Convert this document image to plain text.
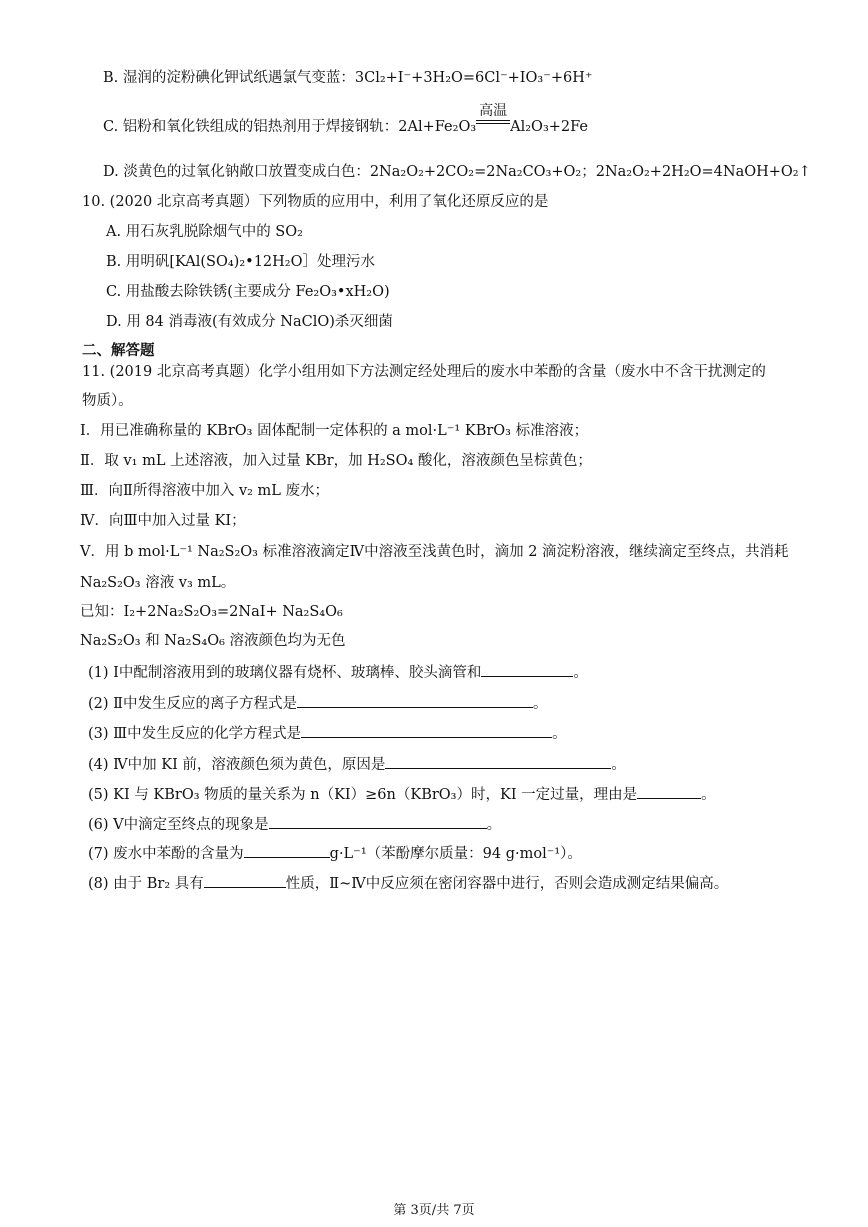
B. 湿润的淀粉碘化钾试纸遇氯气变蓝：3Cl₂+I⁻+3H₂O=6Cl⁻+IO₃⁻+6H⁺
C. 铝粉和氧化铁组成的铝热剂用于焊接钢轨：2Al+Fe₂O₃
高温
Al₂O₃+2Fe
D. 淡黄色的过氧化钠敞口放置变成白色：2Na₂O₂+2CO₂=2Na₂CO₃+O₂；2Na₂O₂+2H₂O=4NaOH+O₂↑
10. (2020 北京高考真题）下列物质的应用中，利用了氧化还原反应的是
A. 用石灰乳脱除烟气中的 SO₂
B. 用明矾[KAl(SO₄)₂•12H₂O］处理污水
C. 用盐酸去除铁锈(主要成分 Fe₂O₃•xH₂O)
D. 用 84 消毒液(有效成分 NaClO)杀灭细菌
二、解答题
11. (2019 北京高考真题）化学小组用如下方法测定经处理后的废水中苯酚的含量（废水中不含干扰测定的
物质）。
Ⅰ．用已准确称量的 KBrO₃ 固体配制一定体积的 a mol·L⁻¹ KBrO₃ 标准溶液；
Ⅱ．取 v₁ mL 上述溶液，加入过量 KBr，加 H₂SO₄ 酸化，溶液颜色呈棕黄色；
Ⅲ．向Ⅱ所得溶液中加入 v₂ mL 废水；
Ⅳ．向Ⅲ中加入过量 KI；
Ⅴ．用 b mol·L⁻¹ Na₂S₂O₃ 标准溶液滴定Ⅳ中溶液至浅黄色时，滴加 2 滴淀粉溶液，继续滴定至终点，共消耗
Na₂S₂O₃ 溶液 v₃ mL。
已知：I₂+2Na₂S₂O₃=2NaI+ Na₂S₄O₆
Na₂S₂O₃ 和 Na₂S₄O₆ 溶液颜色均为无色
(1) Ⅰ中配制溶液用到的玻璃仪器有烧杯、玻璃棒、胶头滴管和	。
(2) Ⅱ中发生反应的离子方程式是	。
(3) Ⅲ中发生反应的化学方程式是	。
(4) Ⅳ中加 KI 前，溶液颜色须为黄色，原因是	。
(5) KI 与 KBrO₃ 物质的量关系为 n（KI）≥6n（KBrO₃）时，KI 一定过量，理由是	。
(6) Ⅴ中滴定至终点的现象是	。
(7) 废水中苯酚的含量为	g·L⁻¹（苯酚摩尔质量：94 g·mol⁻¹）。
(8) 由于 Br₂ 具有	性质，Ⅱ~Ⅳ中反应须在密闭容器中进行，否则会造成测定结果偏高。
第 3页/共 7页
